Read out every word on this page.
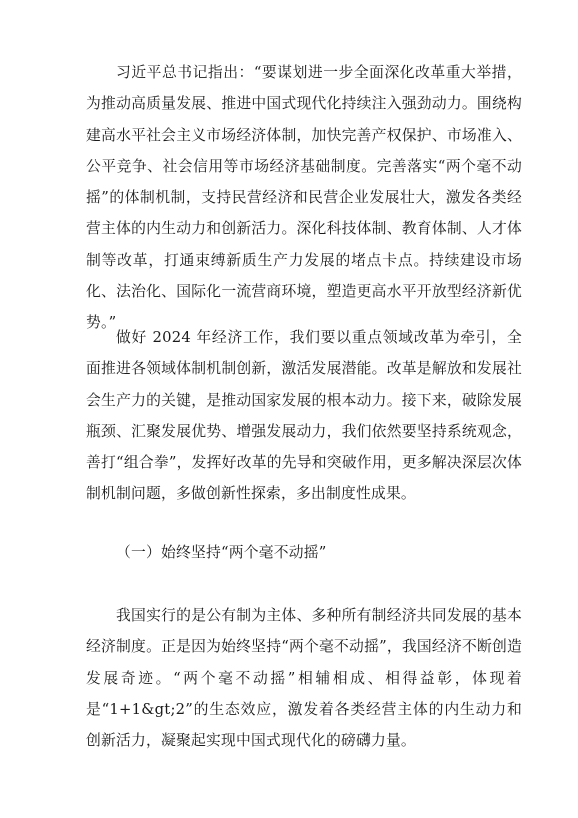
习近平总书记指出：“要谋划进一步全面深化改革重大举措，为推动高质量发展、推进中国式现代化持续注入强劲动力。围绕构建高水平社会主义市场经济体制，加快完善产权保护、市场准入、公平竞争、社会信用等市场经济基础制度。完善落实“两个毫不动摇”的体制机制，支持民营经济和民营企业发展壮大，激发各类经营主体的内生动力和创新活力。深化科技体制、教育体制、人才体制等改革，打通束缚新质生产力发展的堵点卡点。持续建设市场化、法治化、国际化一流营商环境，塑造更高水平开放型经济新优势。”

做好 2024 年经济工作，我们要以重点领域改革为牵引，全面推进各领域体制机制创新，激活发展潜能。改革是解放和发展社会生产力的关键，是推动国家发展的根本动力。接下来，破除发展瓶颈、汇聚发展优势、增强发展动力，我们依然要坚持系统观念，善打“组合拳”，发挥好改革的先导和突破作用，更多解决深层次体制机制问题，多做创新性探索，多出制度性成果。

（一）始终坚持“两个毫不动摇”

我国实行的是公有制为主体、多种所有制经济共同发展的基本经济制度。正是因为始终坚持“两个毫不动摇”，我国经济不断创造发展奇迹。“两个毫不动摇”相辅相成、相得益彰，体现着是“1+1&gt;2”的生态效应，激发着各类经营主体的内生动力和创新活力，凝聚起实现中国式现代化的磅礴力量。
